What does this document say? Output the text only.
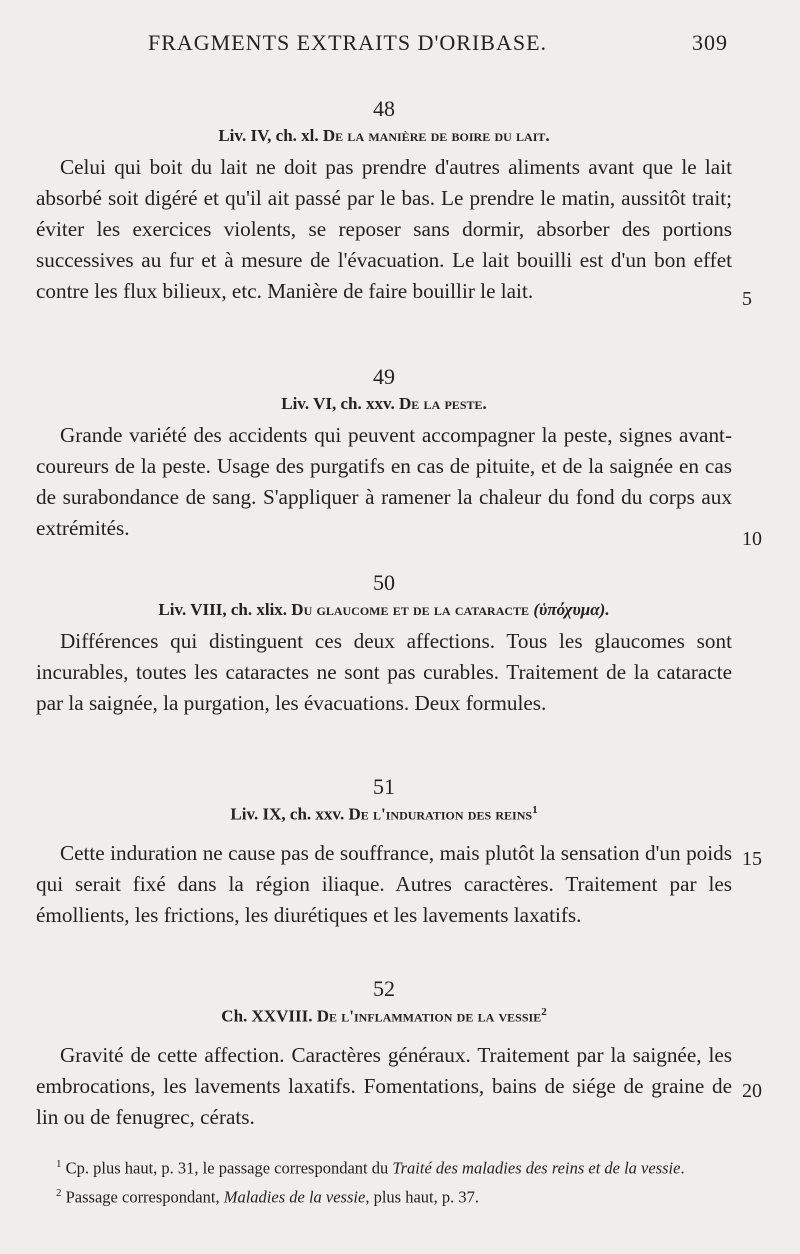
FRAGMENTS EXTRAITS D'ORIBASE.	309
48
Liv. IV, ch. xl. De la manière de boire du lait.

Celui qui boit du lait ne doit pas prendre d'autres aliments avant que le lait absorbé soit digéré et qu'il ait passé par le bas. Le prendre le matin, aussitôt trait; éviter les exercices violents, se reposer sans dormir, absorber des portions successives au fur et à mesure de l'évacuation. Le lait bouilli est d'un bon effet contre les flux bilieux, etc. Manière de faire bouillir le lait.

49
Liv. VI, ch. xxv. De la peste.

Grande variété des accidents qui peuvent accompagner la peste, signes avant-coureurs de la peste. Usage des purgatifs en cas de pituite, et de la saignée en cas de surabondance de sang. S'appliquer à ramener la chaleur du fond du corps aux extrémités.

50
Liv. VIII, ch. xlix. Du glaucome et de la cataracte (ὑπόχυμα).

Différences qui distinguent ces deux affections. Tous les glaucomes sont incurables, toutes les cataractes ne sont pas curables. Traitement de la cataracte par la saignée, la purgation, les évacuations. Deux formules.

51
Liv. IX, ch. xxv. De l'induration des reins$^1$

Cette induration ne cause pas de souffrance, mais plutôt la sensation d'un poids qui serait fixé dans la région iliaque. Autres caractères. Traitement par les émollients, les frictions, les diurétiques et les lavements laxatifs.

52
Ch. XXVIII. De l'inflammation de la vessie$^2$

Gravité de cette affection. Caractères généraux. Traitement par la saignée, les embrocations, les lavements laxatifs. Fomentations, bains de siége de graine de lin ou de fenugrec, cérats.

5
10
15
20

$^1$ Cp. plus haut, p. 31, le passage correspondant du Traité des maladies des reins et de la vessie.

$^2$ Passage correspondant, Maladies de la vessie, plus haut, p. 37.
